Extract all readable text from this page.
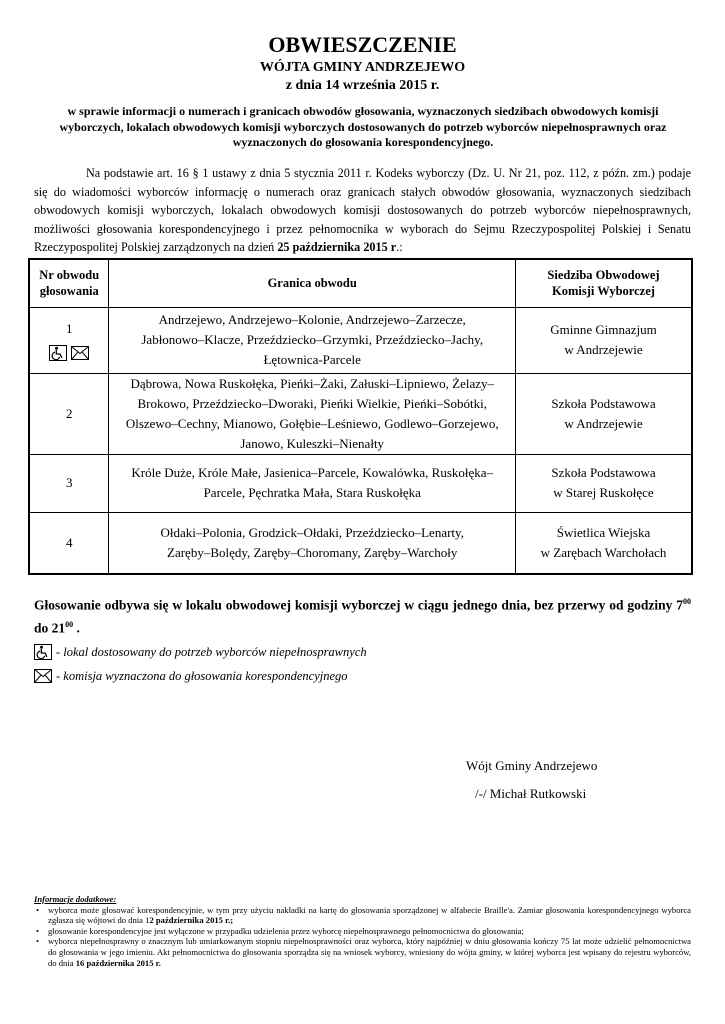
OBWIESZCZENIE
WÓJTA GMINY ANDRZEJEWO
z dnia 14 września 2015 r.
w sprawie informacji o numerach i granicach obwodów głosowania, wyznaczonych siedzibach obwodowych komisji wyborczych, lokalach obwodowych komisji wyborczych dostosowanych do potrzeb wyborców niepełnosprawnych oraz wyznaczonych do głosowania korespondencyjnego.
Na podstawie art. 16 § 1 ustawy z dnia 5 stycznia 2011 r. Kodeks wyborczy (Dz. U. Nr 21, poz. 112, z późn. zm.) podaje się do wiadomości wyborców informację o numerach oraz granicach stałych obwodów głosowania, wyznaczonych siedzibach obwodowych komisji wyborczych, lokalach obwodowych komisji dostosowanych do potrzeb wyborców niepełnosprawnych, możliwości głosowania korespondencyjnego i przez pełnomocnika w wyborach do Sejmu Rzeczypospolitej Polskiej i Senatu Rzeczypospolitej Polskiej zarządzonych na dzień 25 października 2015 r.:
Nr obwodu głosowania	Granica obwodu	Siedziba Obwodowej Komisji Wyborczej

1	Andrzejewo, Andrzejewo–Kolonie, Andrzejewo–Zarzecze, Jabłonowo–Klacze, Przeździecko–Grzymki, Przeździecko–Jachy, Łętownica-Parcele	Gminne Gimnazjum
w Andrzejewie

2	Dąbrowa, Nowa Ruskołęka, Pieńki–Żaki, Załuski–Lipniewo, Żelazy–Brokowo, Przeździecko–Dworaki, Pieńki Wielkie, Pieńki–Sobótki, Olszewo–Cechny, Mianowo, Gołębie–Leśniewo, Godlewo–Gorzejewo, Janowo, Kuleszki–Nienałty	Szkoła Podstawowa
w Andrzejewie

3	Króle Duże, Króle Małe, Jasienica–Parcele, Kowalówka, Ruskołęka–Parcele, Pęchratka Mała, Stara Ruskołęka	Szkoła Podstawowa
w Starej Ruskołęce

4	Ołdaki–Polonia, Grodzick–Ołdaki, Przeździecko–Lenarty, Zaręby–Bolędy, Zaręby–Choromany, Zaręby–Warchoły	Świetlica Wiejska
w Zarębach Warchołach
Głosowanie odbywa się w lokalu obwodowej komisji wyborczej w ciągu jednego dnia, bez przerwy od godziny $7^{00}$ do $21^{00}$ .
- lokal dostosowany do potrzeb wyborców niepełnosprawnych
- komisja wyznaczona do głosowania korespondencyjnego
Wójt Gminy Andrzejewo
/-/ Michał Rutkowski
Informacje dodatkowe:
• wyborca może głosować korespondencyjnie, w tym przy użyciu nakładki na kartę do głosowania sporządzonej w alfabecie Braille'a. Zamiar głosowania korespondencyjnego wyborca zgłasza się wójtowi do dnia 12 października 2015 r.;
• głosowanie korespondencyjne jest wyłączone w przypadku udzielenia przez wyborcę niepełnosprawnego pełnomocnictwa do głosowania;
• wyborca niepełnosprawny o znacznym lub umiarkowanym stopniu niepełnosprawności oraz wyborca, który najpóźniej w dniu głosowania kończy 75 lat może udzielić pełnomocnictwa do głosowania w jego imieniu. Akt pełnomocnictwa do głosowania sporządza się na wniosek wyborcy, wniesiony do wójta gminy, w której wyborca jest wpisany do rejestru wyborców, do dnia 16 października 2015 r.
